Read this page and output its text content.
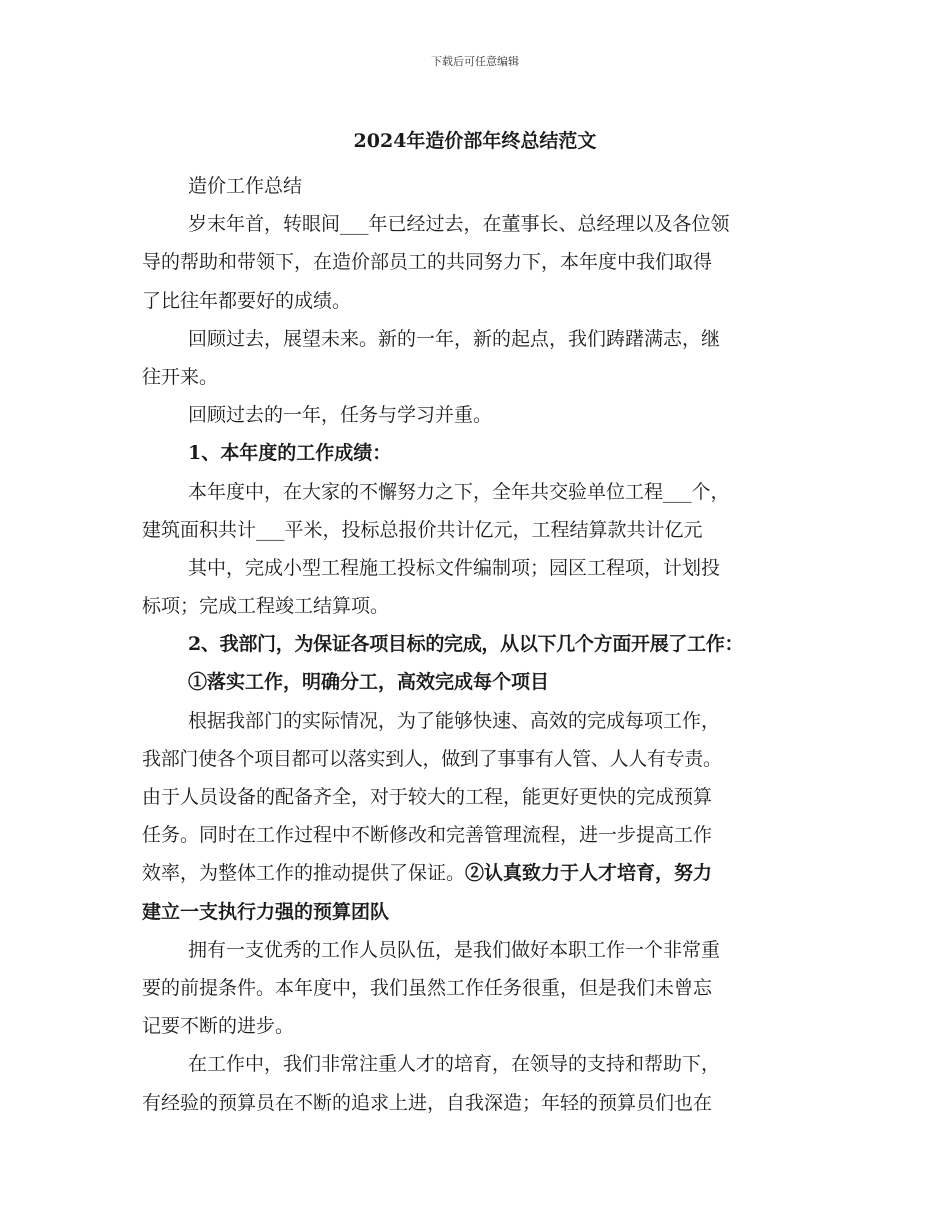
下载后可任意编辑
2024年造价部年终总结范文
造价工作总结
岁末年首，转眼间___年已经过去，在董事长、总经理以及各位领
导的帮助和带领下，在造价部员工的共同努力下，本年度中我们取得
了比往年都要好的成绩。
回顾过去，展望未来。新的一年，新的起点，我们踌躇满志，继
往开来。
回顾过去的一年，任务与学习并重。
1、本年度的工作成绩：
本年度中，在大家的不懈努力之下，全年共交验单位工程___个，
建筑面积共计___平米，投标总报价共计亿元，工程结算款共计亿元
其中，完成小型工程施工投标文件编制项；园区工程项，计划投
标项；完成工程竣工结算项。
2、我部门，为保证各项目标的完成，从以下几个方面开展了工作：
①落实工作，明确分工，高效完成每个项目
根据我部门的实际情况，为了能够快速、高效的完成每项工作，
我部门使各个项目都可以落实到人，做到了事事有人管、人人有专责。
由于人员设备的配备齐全，对于较大的工程，能更好更快的完成预算
任务。同时在工作过程中不断修改和完善管理流程，进一步提高工作
效率，为整体工作的推动提供了保证。②认真致力于人才培育，努力
建立一支执行力强的预算团队
拥有一支优秀的工作人员队伍，是我们做好本职工作一个非常重
要的前提条件。本年度中，我们虽然工作任务很重，但是我们未曾忘
记要不断的进步。
在工作中，我们非常注重人才的培育，在领导的支持和帮助下，
有经验的预算员在不断的追求上进，自我深造；年轻的预算员们也在
